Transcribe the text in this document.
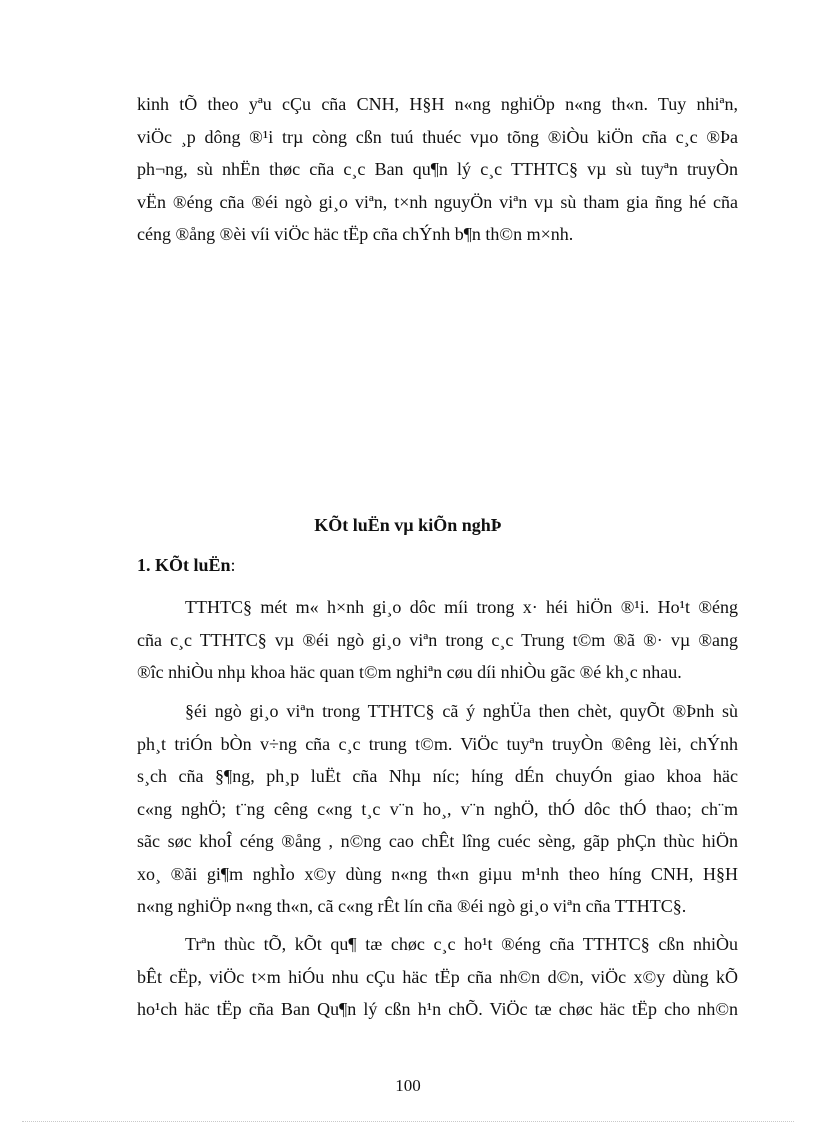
kinh tÕ theo yªu cÇu cña CNH, H§H n«ng nghiÖp n«ng th«n. Tuy nhiªn,
viÖc ¸p dông ®¹i trµ còng cßn tuú thuéc vµo tõng ®iÒu kiÖn cña c¸c ®Þa
ph¬ng, sù nhËn thøc cña c¸c Ban qu¶n lý c¸c TTHTC§ vµ sù tuyªn truyÒn
vËn ®éng cña ®éi ngò gi¸o viªn, t×nh nguyÖn viªn vµ sù tham gia ñng hé cña
céng ®ång ®èi víi viÖc häc tËp cña chÝnh b¶n th©n m×nh.
KÕt luËn vµ kiÕn nghÞ
1. KÕt luËn:
TTHTC§ mét m« h×nh gi¸o dôc míi trong x· héi hiÖn ®¹i. Ho¹t ®éng
cña c¸c TTHTC§ vµ ®éi ngò gi¸o viªn trong c¸c Trung t©m ®ã ®· vµ ®ang
®îc nhiÒu nhµ khoa häc quan t©m nghiªn cøu díi nhiÒu gãc ®é kh¸c nhau.
§éi ngò gi¸o viªn trong TTHTC§ cã ý nghÜa then chèt, quyÕt ®Þnh sù
ph¸t triÓn bÒn v÷ng cña c¸c trung t©m. ViÖc tuyªn truyÒn ®êng lèi, chÝnh
s¸ch cña §¶ng, ph¸p luËt cña Nhµ níc; híng dÉn chuyÓn giao khoa häc
c«ng nghÖ; t¨ng cêng c«ng t¸c v¨n ho¸, v¨n nghÖ, thÓ dôc thÓ thao; ch¨m
sãc søc khoÎ céng ®ång , n©ng cao chÊt lîng cuéc sèng, gãp phÇn thùc hiÖn
xo¸ ®ãi gi¶m nghÌo x©y dùng n«ng th«n giµu m¹nh theo híng CNH, H§H
n«ng nghiÖp n«ng th«n, cã c«ng rÊt lín cña ®éi ngò gi¸o viªn cña TTHTC§.
Trªn thùc tÕ, kÕt qu¶ tæ chøc c¸c ho¹t ®éng cña TTHTC§ cßn nhiÒu
bÊt cËp, viÖc t×m hiÓu nhu cÇu häc tËp cña nh©n d©n, viÖc x©y dùng kÕ
ho¹ch häc tËp cña Ban Qu¶n lý cßn h¹n chÕ. ViÖc tæ chøc häc tËp cho nh©n
100
